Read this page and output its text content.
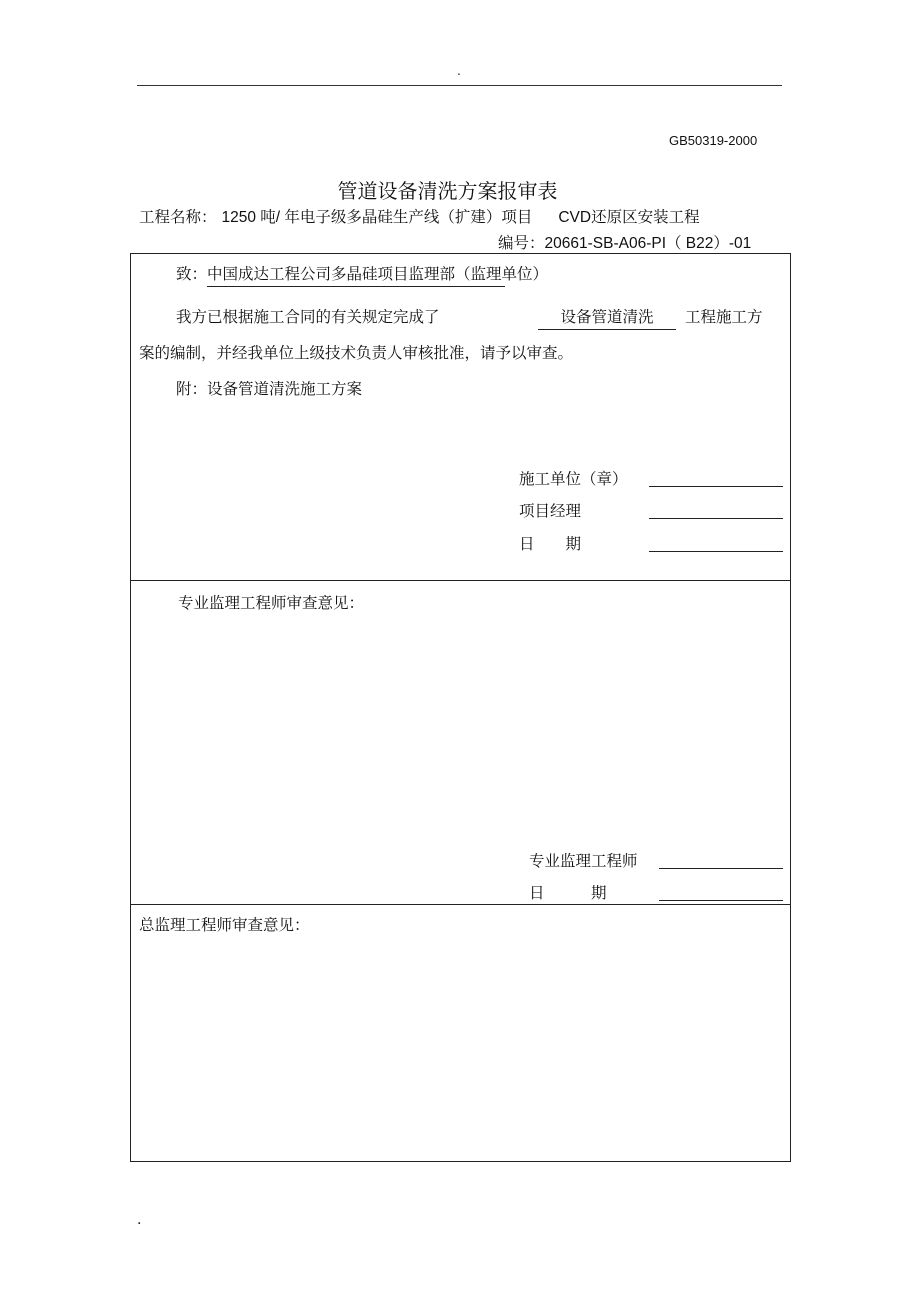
.
GB50319-2000
管道设备清洗方案报审表
工程名称： 1250 吨/ 年电子级多晶硅生产线（扩建）项目 CVD还原区安装工程
编号：20661-SB-A06-PI（ B22）-01
致：中国成达工程公司多晶硅项目监理部（监理单位）
我方已根据施工合同的有关规定完成了	设备管道清洗	工程施工方
案的编制，并经我单位上级技术负责人审核批准，请予以审查。
附：设备管道清洗施工方案
施工单位（章）
项目经理
日　　期
专业监理工程师审查意见：
专业监理工程师
日　　　期
总监理工程师审查意见：
.
